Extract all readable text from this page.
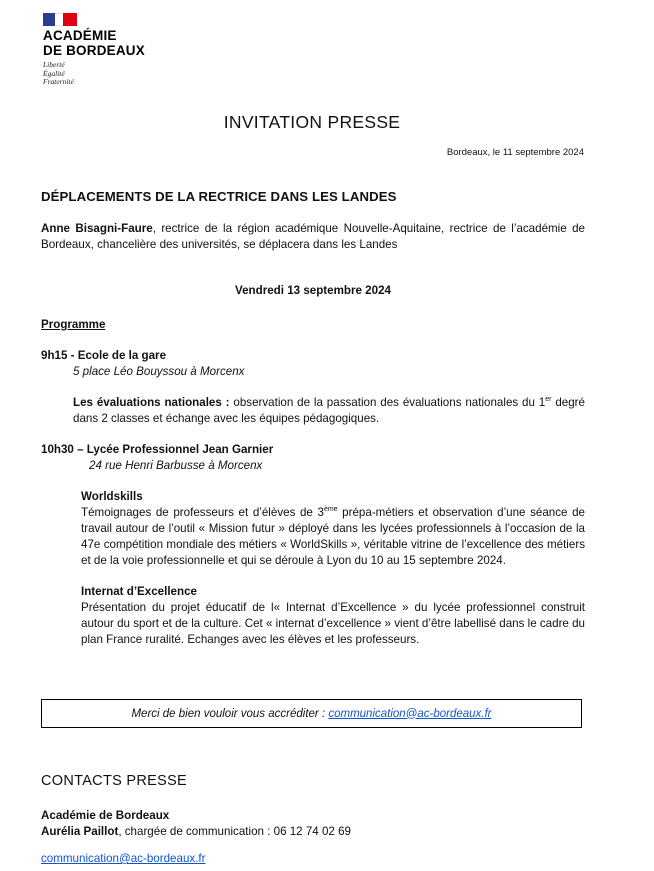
ACADÉMIE
DE BORDEAUX
Liberté
Égalité
Fraternité
INVITATION PRESSE
Bordeaux, le 11 septembre 2024
DÉPLACEMENTS DE LA RECTRICE DANS LES LANDES
Anne Bisagni-Faure, rectrice de la région académique Nouvelle-Aquitaine, rectrice de l’académie de Bordeaux, chancelière des universités, se déplacera dans les Landes
Vendredi 13 septembre 2024
Programme
9h15 - Ecole de la gare
5 place Léo Bouyssou à Morcenx
Les évaluations nationales : observation de la passation des évaluations nationales du 1er degré dans 2 classes et échange avec les équipes pédagogiques.
10h30 – Lycée Professionnel Jean Garnier
24 rue Henri Barbusse à Morcenx
Worldskills
Témoignages de professeurs et d’élèves de 3ème prépa-métiers et observation d’une séance de travail autour de l’outil « Mission futur » déployé dans les lycées professionnels à l’occasion de la 47e compétition mondiale des métiers « WorldSkills », véritable vitrine de l’excellence des métiers et de la voie professionnelle et qui se déroule à Lyon du 10 au 15 septembre 2024.
Internat d’Excellence
Présentation du projet éducatif de l« Internat d’Excellence » du lycée professionnel construit autour du sport et de la culture. Cet « internat d’excellence » vient d’être labellisé dans le cadre du plan France ruralité. Echanges avec les élèves et les professeurs.
Merci de bien vouloir vous accréditer :
communication@ac-bordeaux.fr
CONTACTS PRESSE
Académie de Bordeaux
Aurélia Paillot, chargée de communication : 06 12 74 02 69
communication@ac-bordeaux.fr
